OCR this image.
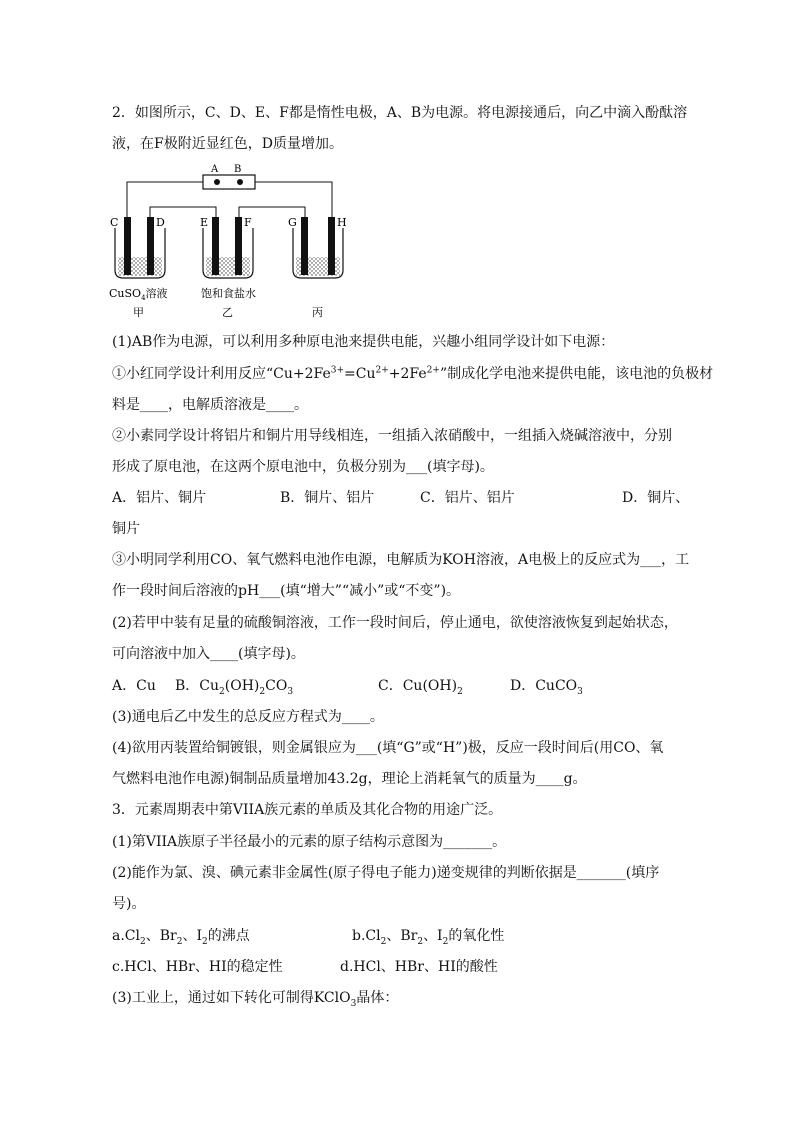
2．如图所示，C、D、E、F都是惰性电极，A、B为电源。将电源接通后，向乙中滴入酚酞溶
液，在F极附近显红色，D质量增加。
A B
C	D	E	F	G	H
CuSO$_4$溶液	饱和食盐水
甲	乙	丙
(1)AB作为电源，可以利用多种原电池来提供电能，兴趣小组同学设计如下电源：
①小红同学设计利用反应“$Cu+2Fe^{3+}=Cu^{2+}+2Fe^{2+}$”制成化学电池来提供电能，该电池的负极材
料是____，电解质溶液是____。
②小素同学设计将铝片和铜片用导线相连，一组插入浓硝酸中，一组插入烧碱溶液中，分别
形成了原电池，在这两个原电池中，负极分别为___(填字母)。
A．铝片、铜片	B．铜片、铝片	C．铝片、铝片	D．铜片、
铜片
③小明同学利用CO、氧气燃料电池作电源，电解质为KOH溶液，A电极上的反应式为___，工
作一段时间后溶液的pH___(填“增大”“减小”或“不变”)。
(2)若甲中装有足量的硫酸铜溶液，工作一段时间后，停止通电，欲使溶液恢复到起始状态，
可向溶液中加入____(填字母)。
A．Cu B．$Cu_2(OH)_2CO_3$	C．$Cu(OH)_2$	D．CuCO$_3$
(3)通电后乙中发生的总反应方程式为____。
(4)欲用丙装置给铜镀银，则金属银应为___(填“G”或“H”)极，反应一段时间后(用CO、氧
气燃料电池作电源)铜制品质量增加43.2g，理论上消耗氧气的质量为____g。
3．元素周期表中第VIIA族元素的单质及其化合物的用途广泛。
(1)第VIIA族原子半径最小的元素的原子结构示意图为_______。
(2)能作为氯、溴、碘元素非金属性(原子得电子能力)递变规律的判断依据是_______(填序
号)。
$a.Cl_2$、$Br_2$、$I_2$的沸点	$b.Cl_2$、$Br_2$、$I_2$的氧化性
c.HCl、HBr、HI的稳定性	d.HCl、HBr、HI的酸性
(3)工业上，通过如下转化可制得KClO$_3$晶体：
